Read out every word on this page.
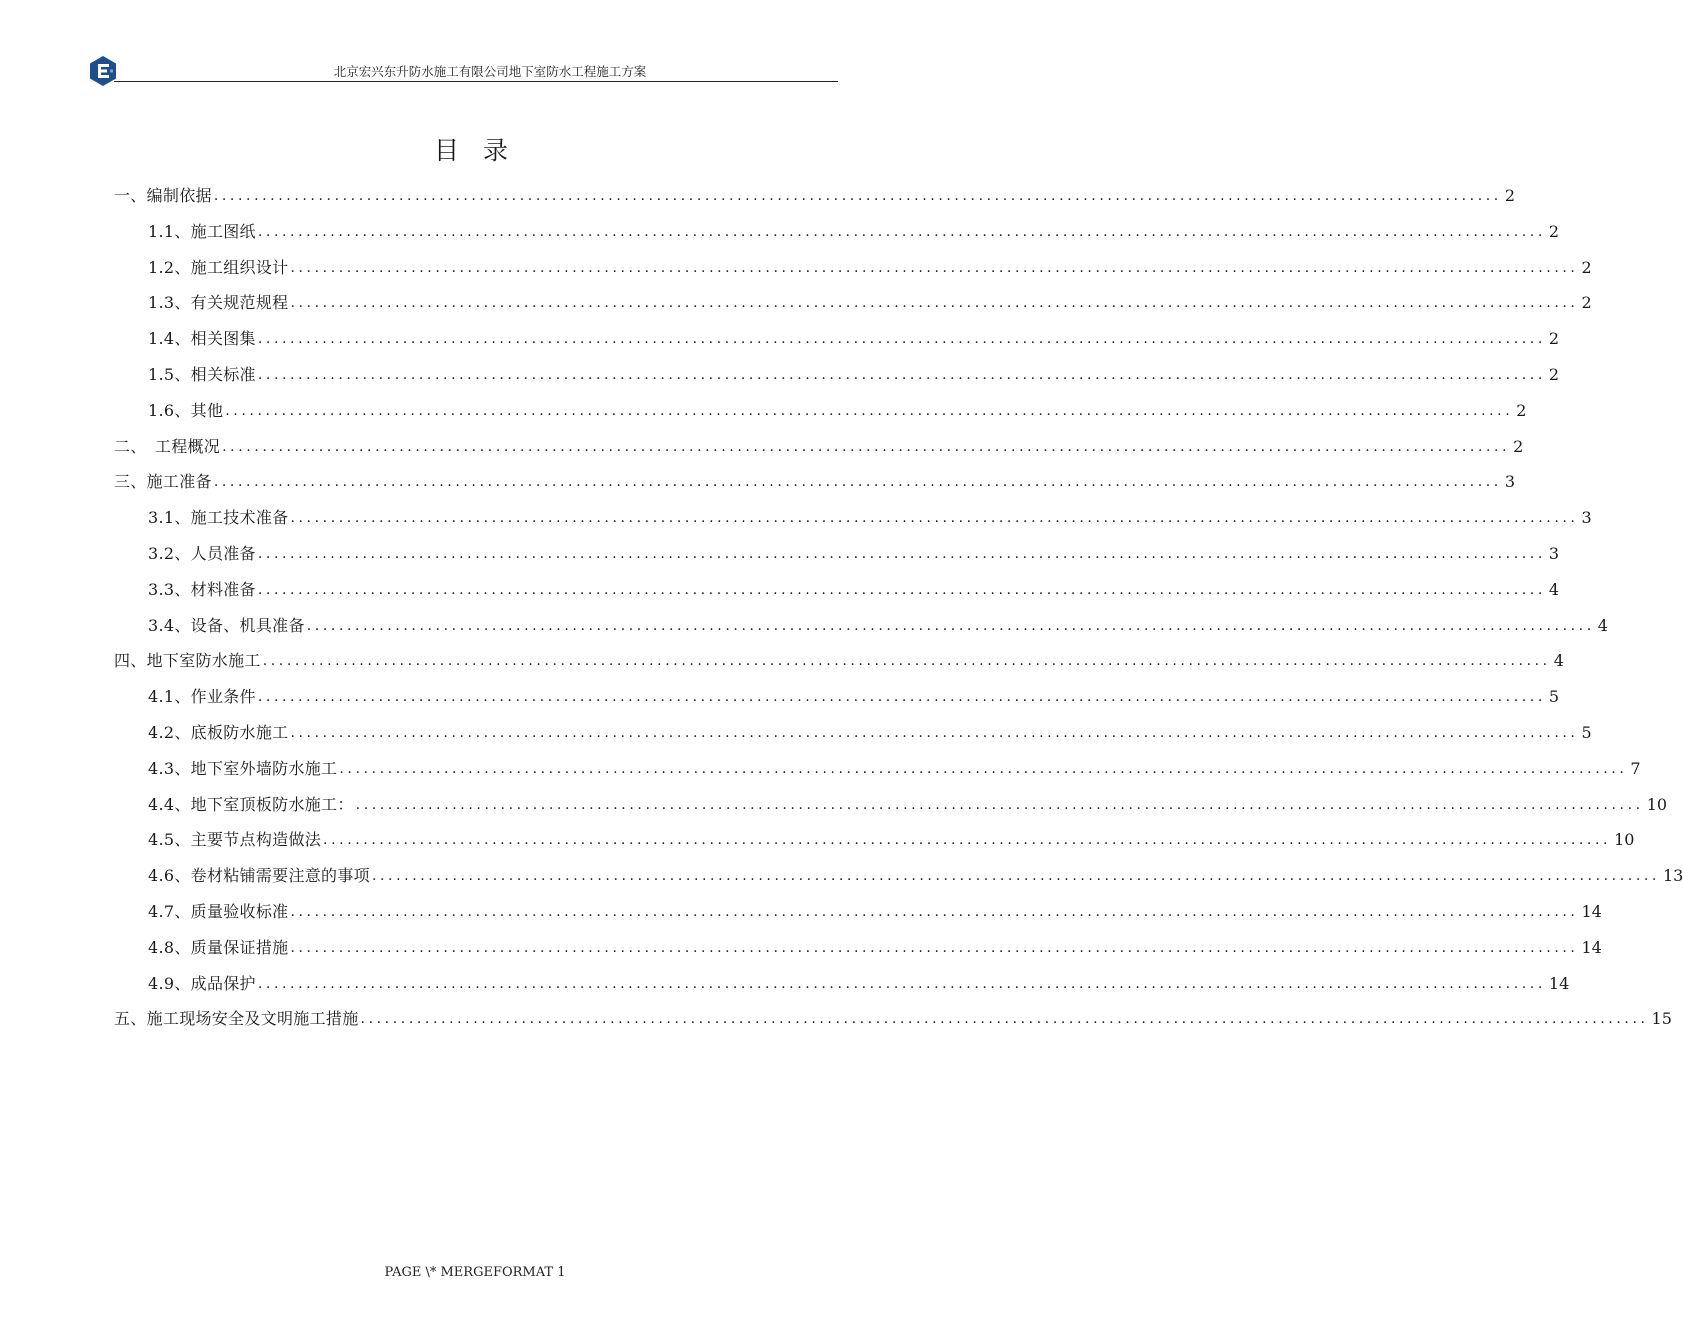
北京宏兴东升防水施工有限公司地下室防水工程施工方案
目 录
一、编制依据 ................................................................................................................................................................ 2
1.1、施工图纸 ................................................................................................................................................................ 2
1.2、施工组织设计 ................................................................................................................................................................ 2
1.3、有关规范规程 ................................................................................................................................................................ 2
1.4、相关图集 ................................................................................................................................................................ 2
1.5、相关标准 ................................................................................................................................................................ 2
1.6、其他 ................................................................................................................................................................ 2
二、　工程概况 ................................................................................................................................................................ 2
三、施工准备 ................................................................................................................................................................ 3
3.1、施工技术准备 ................................................................................................................................................................ 3
3.2、人员准备 ................................................................................................................................................................ 3
3.3、材料准备 ................................................................................................................................................................ 4
3.4、设备、机具准备 ................................................................................................................................................................ 4
四、地下室防水施工 ................................................................................................................................................................ 4
4.1、作业条件 ................................................................................................................................................................ 5
4.2、底板防水施工 ................................................................................................................................................................ 5
4.3、地下室外墙防水施工 ................................................................................................................................................................ 7
4.4、地下室顶板防水施工： ................................................................................................................................................................ 10
4.5、主要节点构造做法 ................................................................................................................................................................ 10
4.6、卷材粘铺需要注意的事项 ................................................................................................................................................................ 13
4.7、质量验收标准 ................................................................................................................................................................ 14
4.8、质量保证措施 ................................................................................................................................................................ 14
4.9、成品保护 ................................................................................................................................................................ 14
五、施工现场安全及文明施工措施 ................................................................................................................................................................ 15
PAGE \* MERGEFORMAT 1
